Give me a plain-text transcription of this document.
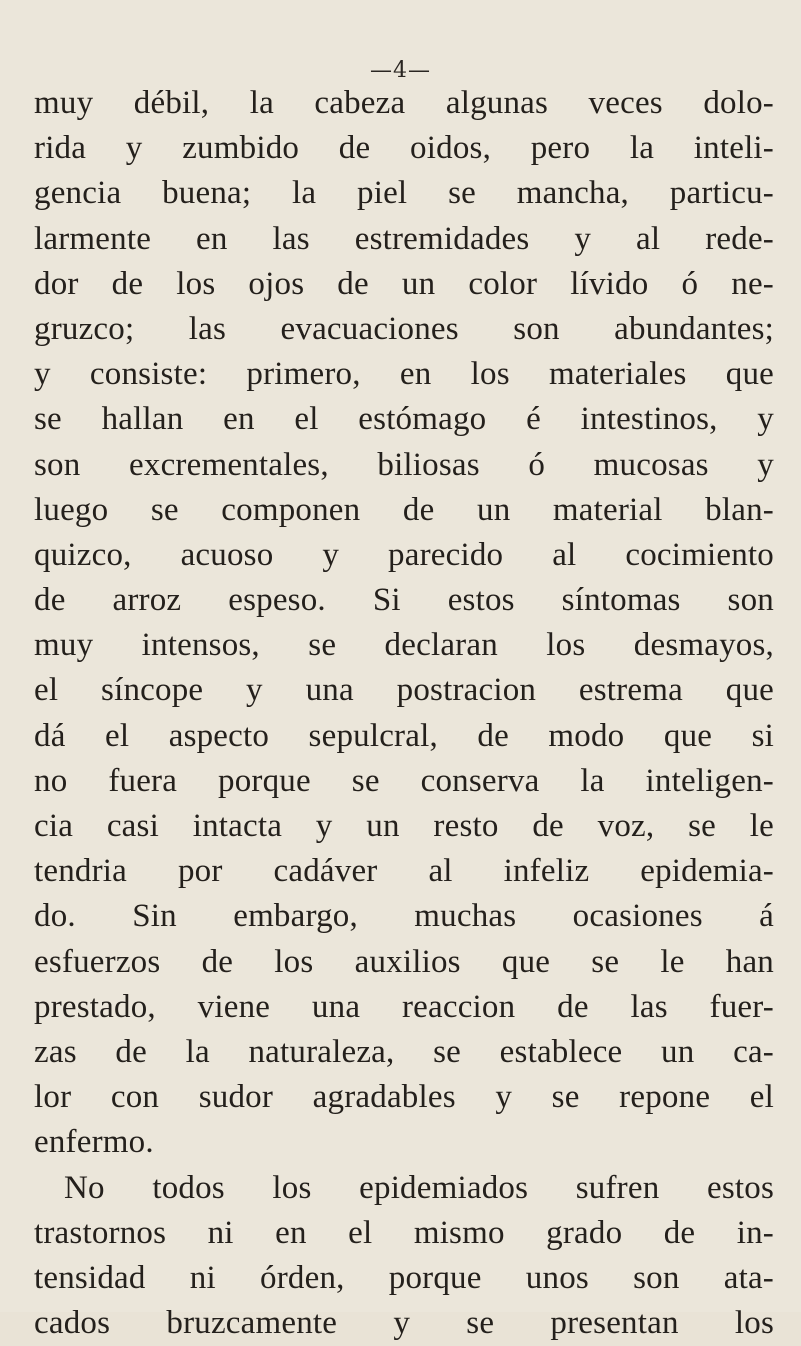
—4—
muy débil, la cabeza algunas veces dolo-
rida y zumbido de oidos, pero la inteli-
gencia buena; la piel se mancha, particu-
larmente en las estremidades y al rede-
dor de los ojos de un color lívido ó ne-
gruzco; las evacuaciones son abundantes;
y consiste: primero, en los materiales que
se hallan en el estómago é intestinos, y
son excrementales, biliosas ó mucosas y
luego se componen de un material blan-
quizco, acuoso y parecido al cocimiento
de arroz espeso. Si estos síntomas son
muy intensos, se declaran los desmayos,
el síncope y una postracion estrema que
dá el aspecto sepulcral, de modo que si
no fuera porque se conserva la inteligen-
cia casi intacta y un resto de voz, se le
tendria por cadáver al infeliz epidemia-
do. Sin embargo, muchas ocasiones á
esfuerzos de los auxilios que se le han
prestado, viene una reaccion de las fuer-
zas de la naturaleza, se establece un ca-
lor con sudor agradables y se repone el
enfermo.
No todos los epidemiados sufren estos
trastornos ni en el mismo grado de in-
tensidad ni órden, porque unos son ata-
cados bruzcamente y se presentan los
